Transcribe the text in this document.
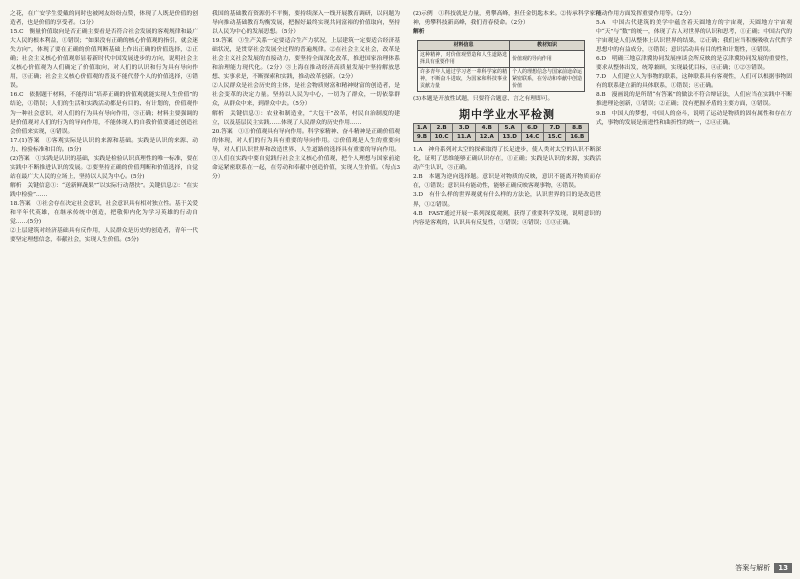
之花，在广安学生爱戴的同时也被网友纷纷点赞，体现了人既是价值的创造者，也是价值的享受者。（3分）

15.C　衡量价值取向是否正确主要看是否符合社会发展的客观规律和最广大人民的根本利益，①错误；“如果没有正确的核心价值观的指引，就会迷失方向”，体现了要在正确的价值判断基础上作出正确的价值选择，②正确；社会主义核心价值观彰显着新时代中国发展进步的方向，说明社会主义核心价值观为人们确定了价值取向，对人们的认识和行为具有导向作用，③正确；社会主义核心价值观的普及不能代替个人的价值选择，④错误。

16.C　依据题干材料，不能得出“培养正确的价值观就能实现人生价值”的结论，①错误；人们的生活和实践活动都是有目的、有计划的，价值观作为一种社会意识，对人们的行为具有导向作用，③正确；材料主要强调的是价值观对人们的行为的导向作用，不能体现人的自我价值要通过创造社会价值来实现，④错误。

17.(1)答案　①客观实际是认识的来源和基础。实践是认识的来源、动力、检验标准和目的。(5分)

(2)答案　①实践是认识的基础，实践是检验认识真理性的唯一标准，要在实践中不断推进认识的发展。②要坚持正确的价值判断和价值选择，自觉站在最广大人民的立场上，坚持以人民为中心。(5分)

解析　关键信息①：“送新鲜蔬果”“以实际行动帮扶”。关键信息②：“在实践中检验”……

18.答案　①社会存在决定社会意识，社会意识具有相对独立性。基于关爱和平年代英雄，在继承传统中创造，把敬仰内化为学习英雄的行动自觉……(5分)

②上层建筑对经济基础具有反作用，人民群众是历史的创造者，青年一代要坚定理想信念，奉献社会，实现人生价值。(5分)

我国的基础教育资源仍不平衡，要持续深入一线开展教育调研，以问题为导向推动基础教育均衡发展，把握好最终实现共同富裕的价值取向，坚持以人民为中心的发展思想。（5分）

19.答案　①生产关系一定要适合生产力状况，上层建筑一定要适合经济基础状况，是贯穿社会发展全过程的普遍规律。②在社会主义社会，改革是社会主义社会发展的直接动力，要坚持全面深化改革，推进国家治理体系和治理能力现代化。（2分）③上海在推动经济高质量发展中坚持解放思想、实事求是，不断探索和实践，推动改革创新。（2分）

②人民群众是社会历史的主体，是社会物质财富和精神财富的创造者，是社会变革的决定力量。坚持以人民为中心，一切为了群众，一切依靠群众，从群众中来，到群众中去。（5分）

解析　关键信息①：农业和制造业，“大包干”改革，村民自治制度的建立，以及基层民主实践……体现了人民群众的历史作用……

20.答案　①①价值观具有导向作用。科学家精神、奋斗精神是正确价值观的体现，对人们的行为具有重要的导向作用。②价值观是人生的重要向导，对人们认识世界和改造世界、人生道路的选择具有重要的导向作用。③人们在实践中要自觉践行社会主义核心价值观，把个人理想与国家前途命运紧密联系在一起，在劳动和奉献中创造价值，实现人生价值。（每点3分）

(2)示例　①科技就是力量，勇攀高峰，担任金钥匙本来。②传承科学家精神，勇攀科技新高峰，我们青春使命。（2分）

解析

材料信息	教材知识
这种精神，对价值观塑造和人生道路选择具有重要作用	价值观的导向作用
许多青年人通过学习老一辈科学家的精神，不断奋斗进取，为国家和科技事业贡献力量	个人的理想信念与国家前途命运紧密联系，在劳动和奉献中创造价值

(3)本题是开放性试题，只要符合题意、言之有理即可。

期中学业水平检测
1.A	2.B	3.D	4.B	5.A	6.D	7.D	8.B
9.B	10.C	11.A	12.A	13.D	14.C	15.C	16.B

1.A　神舟系列对太空的探索取得了长足进步，使人类对太空的认识不断深化，证明了思维能够正确认识存在，①正确；实践是认识的来源，实践活动产生认识，③正确。

2.B　本题为逆向选择题。意识是对物质的反映，意识不能离开物质而存在，①错误；意识具有能动性，能够正确反映客观事物，④错误。

3.D　有什么样的世界观就有什么样的方法论，认识世界的目的是改造世界，①②错误。

4.B　FAST通过开展一系列深度观测，获得了重要科学发现，说明意识的内容是客观的，认识具有反复性，①错误；④错误；①③正确。

能动作用方面发挥重要作用等。（2分）

5.A　中国古代建筑的美学中蕴含着天圆地方的宇宙观，天圆地方宇宙观中“天”与“数”的统一，体现了古人对世界的认识和思考，①正确；中国古代的宇宙观是人们从整体上认识世界的结果，②正确；我们应当积极吸收古代哲学思想中的有益成分，③错误；意识活动具有目的性和计划性，④错误。

6.D　明确三地京津冀协同发展座谈会所反映的是京津冀协同发展的重要性，要求从整体出发，统筹兼顾，实现最优目标，④正确；①②③错误。

7.D　人们建立人为事物的联系，这种联系具有客观性，人们可以根据事物固有的联系建立新的具体联系，①错误；④正确。

8.B　漫画说的是所谓“有答案”的做法不符合辩证法，人们应当在实践中不断推进理论创新，①错误；②正确；没有把握矛盾的主要方面，③错误。

9.B　中国人的梦想，中国人的奋斗，说明了运动是物质的固有属性和存在方式，事物的发展是前进性和曲折性的统一，②④正确。

答案与解析	13
